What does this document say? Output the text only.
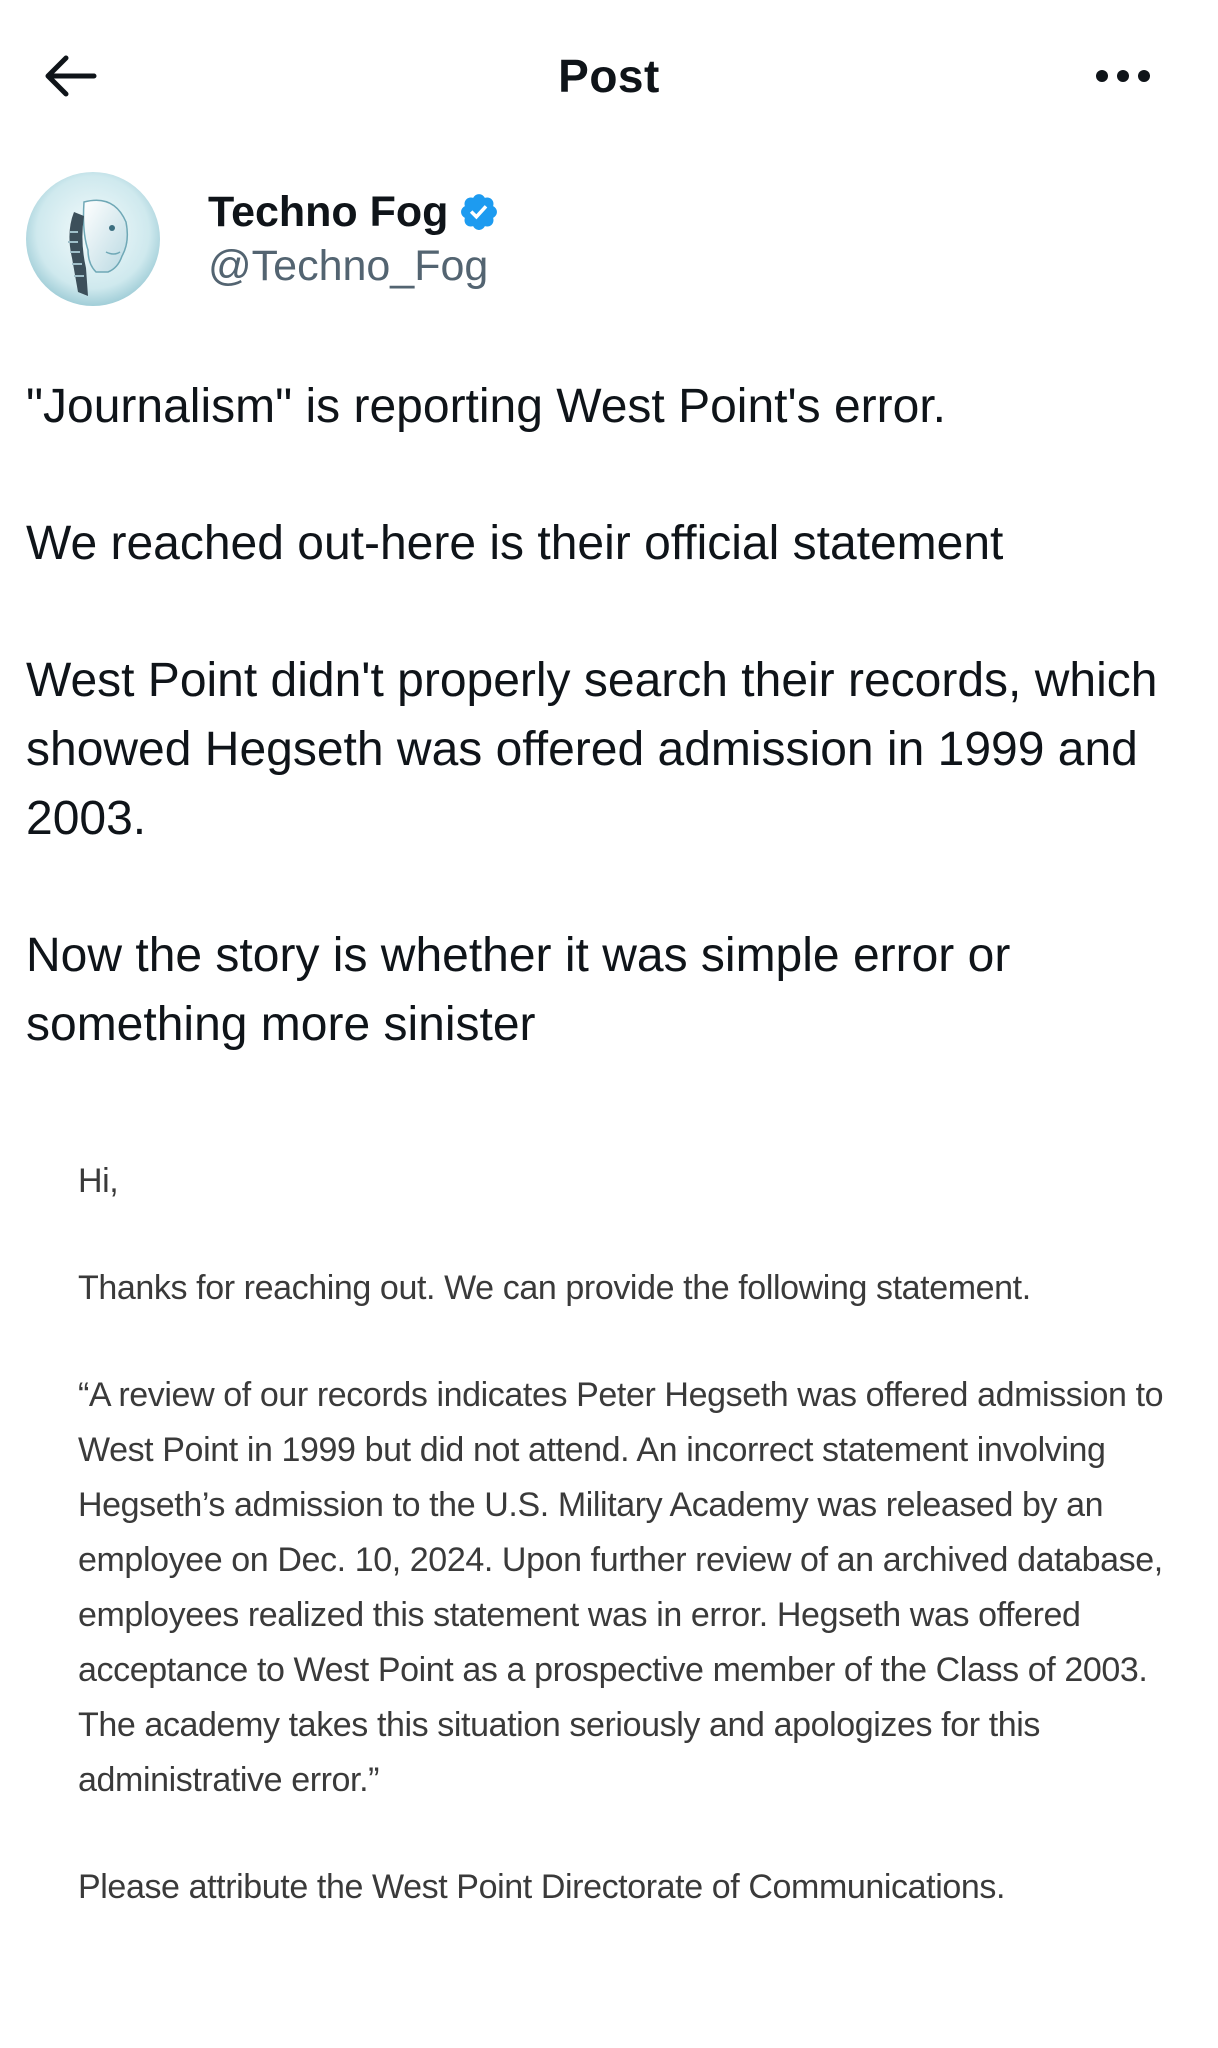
Post
Techno Fog
@Techno_Fog

"Journalism" is reporting West Point's error.

We reached out-here is their official statement

West Point didn't properly search their records, which showed Hegseth was offered admission in 1999 and 2003.

Now the story is whether it was simple error or something more sinister

Hi,

Thanks for reaching out. We can provide the following statement.

“A review of our records indicates Peter Hegseth was offered admission to West Point in 1999 but did not attend. An incorrect statement involving Hegseth’s admission to the U.S. Military Academy was released by an employee on Dec. 10, 2024. Upon further review of an archived database, employees realized this statement was in error. Hegseth was offered acceptance to West Point as a prospective member of the Class of 2003. The academy takes this situation seriously and apologizes for this administrative error.”

Please attribute the West Point Directorate of Communications.
